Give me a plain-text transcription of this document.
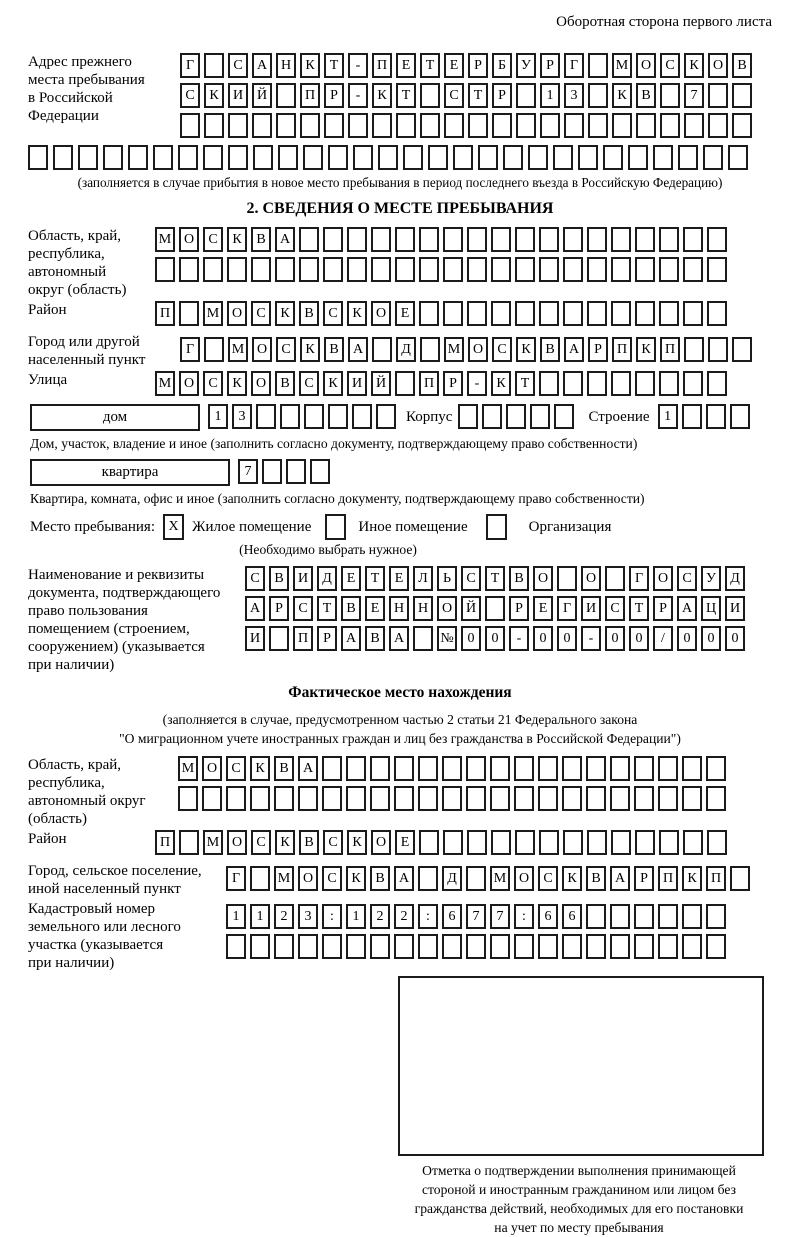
Оборотная сторона первого листа
Адрес прежнего
места пребывания
в Российской
Федерации
Г	С А Н К Т - П Е Т Е Р Б У Р Г	М О С К О В
С К И Й	П Р - К Т	С Т Р	1 3	К В	7
(заполняется в случае прибытия в новое место пребывания в период последнего въезда в Российскую Федерацию)
2. СВЕДЕНИЯ О МЕСТЕ ПРЕБЫВАНИЯ
Область, край,
республика,
автономный
округ (область)
М О С К В А
Район	П	М О С К В С К О Е
Город или другой
населенный пункт
Г	М О С К В А	Д	М О С К В А Р П К П
Улица	М О С К О В С К И Й	П Р - К Т
дом	1 3	Корпус	Строение	1
Дом, участок, владение и иное (заполнить согласно документу, подтверждающему право собственности)
квартира	7
Квартира, комната, офис и иное (заполнить согласно документу, подтверждающему право собственности)
Место пребывания: X Жилое помещение	Иное помещение	Организация
(Необходимо выбрать нужное)
Наименование и реквизиты
документа, подтверждающего
право пользования
помещением (строением,
сооружением) (указывается
при наличии)
С В И Д Е Т Е Л Ь С Т В О	О	Г О С У Д
А Р С Т В Е Н Н О Й	Р Е Г И С Т Р А Ц И
И	П Р А В А	№ 0 0 - 0 0 - 0 0 / 0 0 0
Фактическое место нахождения
(заполняется в случае, предусмотренном частью 2 статьи 21 Федерального закона
"О миграционном учете иностранных граждан и лиц без гражданства в Российской Федерации")
Область, край,
республика,
автономный округ
(область)
М О С К В А
Район	П	М О С К В С К О Е
Город, сельское поселение,
иной населенный пункт
Г	М О С К В А	Д	М О С К В А Р П К П
Кадастровый номер
земельного или лесного
участка (указывается
при наличии)
1 1 2 3 : 1 2 2 : 6 7 7 : 6 6
Отметка о подтверждении выполнения принимающей
стороной и иностранным гражданином или лицом без
гражданства действий, необходимых для его постановки
на учет по месту пребывания
